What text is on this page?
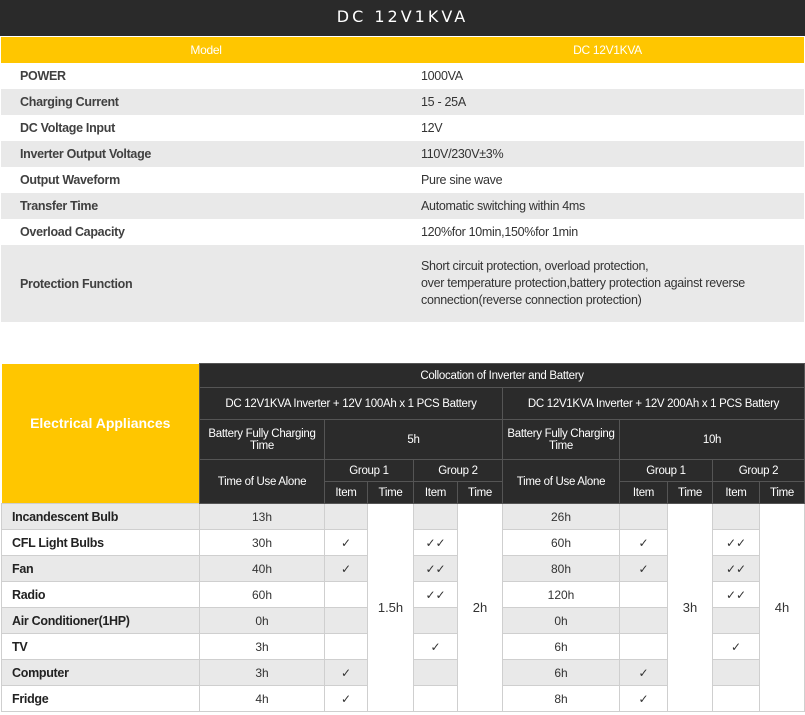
DC 12V1KVA
Model	DC 12V1KVA
POWER	1000VA
Charging Current	15 - 25A
DC Voltage Input	12V
Inverter Output Voltage	110V/230V±3%
Output Waveform	Pure sine wave
Transfer Time	Automatic switching within 4ms
Overload Capacity	120%for 10min,150%for 1min
Protection Function	Short circuit protection, overload protection,
over temperature protection,battery protection against reverse
connection(reverse connection protection)
Electrical Appliances	Collocation of Inverter and Battery									
	DC 12V1KVA Inverter + 12V 100Ah x 1 PCS Battery					DC 12V1KVA Inverter + 12V 200Ah x 1 PCS Battery				
	Battery Fully Charging Time	5h				Battery Fully Charging Time	10h			
	Time of Use Alone	Group 1		Group 2		Time of Use Alone	Group 1		Group 2	
		Item	Time	Item	Time		Item	Time	Item	Time
Incandescent Bulb	13h		1.5h		2h	26h		3h		4h
CFL Light Bulbs	30h	✓		✓✓		60h	✓		✓✓	
Fan	40h	✓		✓✓		80h	✓		✓✓	
Radio	60h			✓✓		120h			✓✓	
Air Conditioner(1HP)	0h					0h				
TV	3h			✓		6h			✓	
Computer	3h	✓				6h	✓			
Fridge	4h	✓				8h	✓			
